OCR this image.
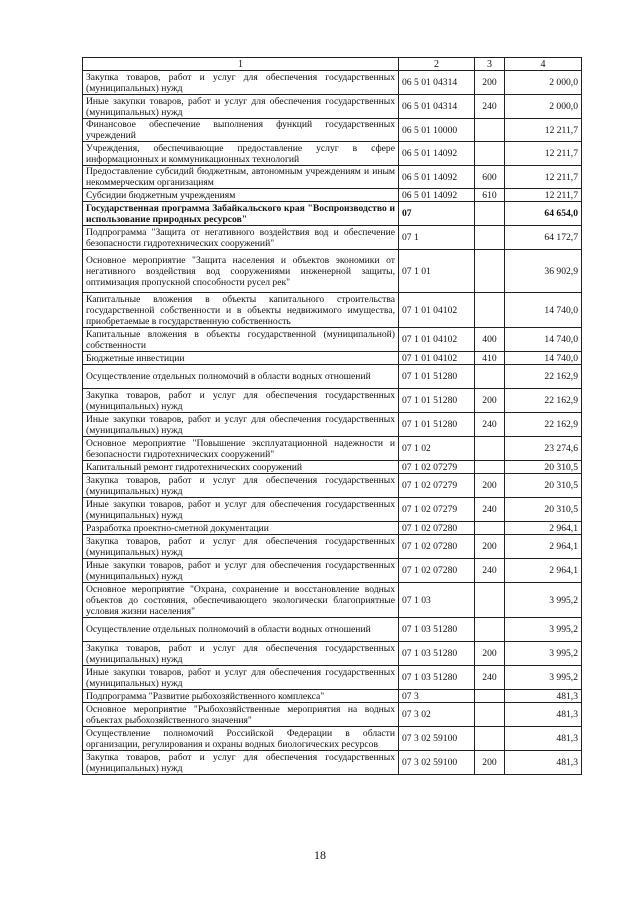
1	2	3	4
Закупка товаров, работ и услуг для обеспечения государственных (муниципальных) нужд	06 5 01 04314	200	2 000,0
Иные закупки товаров, работ и услуг для обеспечения государственных (муниципальных) нужд	06 5 01 04314	240	2 000,0
Финансовое обеспечение выполнения функций государственных учреждений	06 5 01 10000		12 211,7
Учреждения, обеспечивающие предоставление услуг в сфере информационных и коммуникационных технологий	06 5 01 14092		12 211,7
Предоставление субсидий бюджетным, автономным учреждениям и иным некоммерческим организациям	06 5 01 14092	600	12 211,7
Субсидии бюджетным учреждениям	06 5 01 14092	610	12 211,7
Государственная программа Забайкальского края "Воспроизводство и использование природных ресурсов"	07		64 654,0
Подпрограмма "Защита от негативного воздействия вод и обеспечение безопасности гидротехнических сооружений"	07 1		64 172,7
Основное мероприятие "Защита населения и объектов экономики от негативного воздействия вод сооружениями инженерной защиты, оптимизация пропускной способности русел рек"	07 1 01		36 902,9
Капитальные вложения в объекты капитального строительства государственной собственности и в объекты недвижимого имущества, приобретаемые в государственную собственность	07 1 01 04102		14 740,0
Капитальные вложения в объекты государственной (муниципальной) собственности	07 1 01 04102	400	14 740,0
Бюджетные инвестиции	07 1 01 04102	410	14 740,0
Осуществление отдельных полномочий в области водных отношений	07 1 01 51280		22 162,9
Закупка товаров, работ и услуг для обеспечения государственных (муниципальных) нужд	07 1 01 51280	200	22 162,9
Иные закупки товаров, работ и услуг для обеспечения государственных (муниципальных) нужд	07 1 01 51280	240	22 162,9
Основное мероприятие "Повышение эксплуатационной надежности и безопасности гидротехнических сооружений"	07 1 02		23 274,6
Капитальный ремонт гидротехнических сооружений	07 1 02 07279		20 310,5
Закупка товаров, работ и услуг для обеспечения государственных (муниципальных) нужд	07 1 02 07279	200	20 310,5
Иные закупки товаров, работ и услуг для обеспечения государственных (муниципальных) нужд	07 1 02 07279	240	20 310,5
Разработка проектно-сметной документации	07 1 02 07280		2 964,1
Закупка товаров, работ и услуг для обеспечения государственных (муниципальных) нужд	07 1 02 07280	200	2 964,1
Иные закупки товаров, работ и услуг для обеспечения государственных (муниципальных) нужд	07 1 02 07280	240	2 964,1
Основное мероприятие "Охрана, сохранение и восстановление водных объектов до состояния, обеспечивающего экологически благоприятные условия жизни населения"	07 1 03		3 995,2
Осуществление отдельных полномочий в области водных отношений	07 1 03 51280		3 995,2
Закупка товаров, работ и услуг для обеспечения государственных (муниципальных) нужд	07 1 03 51280	200	3 995,2
Иные закупки товаров, работ и услуг для обеспечения государственных (муниципальных) нужд	07 1 03 51280	240	3 995,2
Подпрограмма "Развитие рыбохозяйственного комплекса"	07 3		481,3
Основное мероприятие "Рыбохозяйственные мероприятия на водных объектах рыбохозяйственного значения"	07 3 02		481,3
Осуществление полномочий Российской Федерации в области организации, регулирования и охраны водных биологических ресурсов	07 3 02 59100		481,3
Закупка товаров, работ и услуг для обеспечения государственных (муниципальных) нужд	07 3 02 59100	200	481,3
18
